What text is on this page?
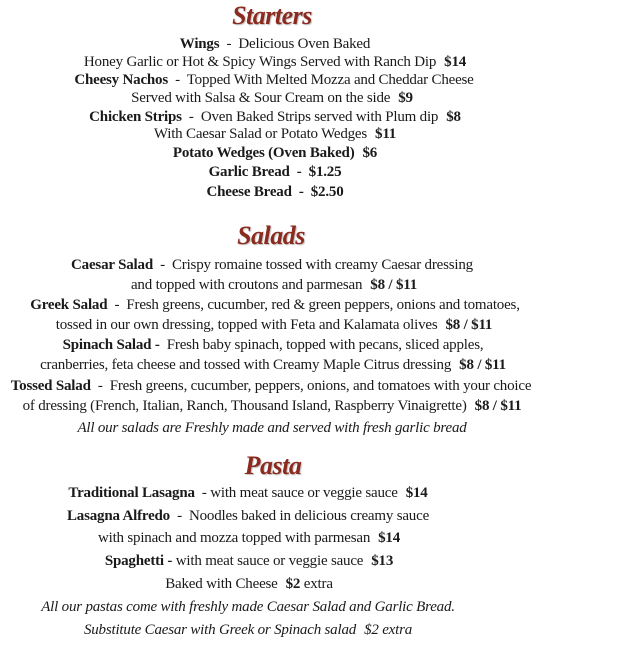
Starters
Wings - Delicious Oven Baked
Honey Garlic or Hot & Spicy Wings Served with Ranch Dip $14
Cheesy Nachos - Topped With Melted Mozza and Cheddar Cheese
Served with Salsa & Sour Cream on the side $9
Chicken Strips - Oven Baked Strips served with Plum dip $8
With Caesar Salad or Potato Wedges $11
Potato Wedges (Oven Baked) $6
Garlic Bread - $1.25
Cheese Bread - $2.50
Salads
Caesar Salad - Crispy romaine tossed with creamy Caesar dressing
and topped with croutons and parmesan $8 / $11
Greek Salad - Fresh greens, cucumber, red & green peppers, onions and tomatoes,
tossed in our own dressing, topped with Feta and Kalamata olives $8 / $11
Spinach Salad - Fresh baby spinach, topped with pecans, sliced apples,
cranberries, feta cheese and tossed with Creamy Maple Citrus dressing $8 / $11
Tossed Salad - Fresh greens, cucumber, peppers, onions, and tomatoes with your choice
of dressing (French, Italian, Ranch, Thousand Island, Raspberry Vinaigrette) $8 / $11
All our salads are Freshly made and served with fresh garlic bread
Pasta
Traditional Lasagna - with meat sauce or veggie sauce $14
Lasagna Alfredo - Noodles baked in delicious creamy sauce
with spinach and mozza topped with parmesan $14
Spaghetti - with meat sauce or veggie sauce $13
Baked with Cheese $2 extra
All our pastas come with freshly made Caesar Salad and Garlic Bread.
Substitute Caesar with Greek or Spinach salad $2 extra
